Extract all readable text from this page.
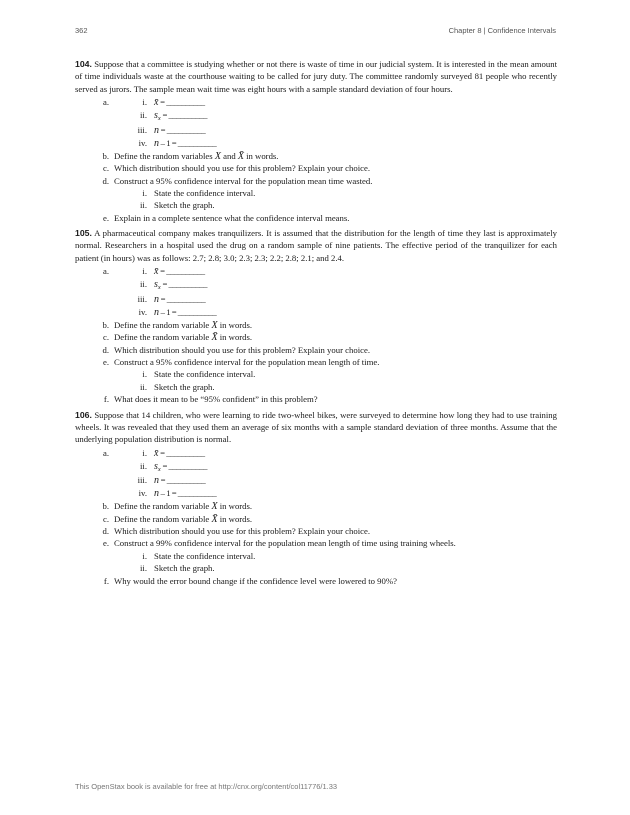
362	Chapter 8 | Confidence Intervals
104. Suppose that a committee is studying whether or not there is waste of time in our judicial system. It is interested in the mean amount of time individuals waste at the courthouse waiting to be called for jury duty. The committee randomly surveyed 81 people who recently served as jurors. The sample mean wait time was eight hours with a sample standard deviation of four hours.
a.	i. x̄ = __________
ii. $s_x$ = __________
iii. n = __________
iv. n – 1 = __________
b. Define the random variables X and X̄ in words.
c. Which distribution should you use for this problem? Explain your choice.
d. Construct a 95% confidence interval for the population mean time wasted.
i. State the confidence interval.
ii. Sketch the graph.
e. Explain in a complete sentence what the confidence interval means.
105. A pharmaceutical company makes tranquilizers. It is assumed that the distribution for the length of time they last is approximately normal. Researchers in a hospital used the drug on a random sample of nine patients. The effective period of the tranquilizer for each patient (in hours) was as follows: 2.7; 2.8; 3.0; 2.3; 2.3; 2.2; 2.8; 2.1; and 2.4.
a.	i. x̄ = __________
ii. $s_x$ = __________
iii. n = __________
iv. n – 1 = __________
b. Define the random variable X in words.
c. Define the random variable X̄ in words.
d. Which distribution should you use for this problem? Explain your choice.
e. Construct a 95% confidence interval for the population mean length of time.
i. State the confidence interval.
ii. Sketch the graph.
f. What does it mean to be “95% confident” in this problem?
106. Suppose that 14 children, who were learning to ride two-wheel bikes, were surveyed to determine how long they had to use training wheels. It was revealed that they used them an average of six months with a sample standard deviation of three months. Assume that the underlying population distribution is normal.
a.	i. x̄ = __________
ii. $s_x$ = __________
iii. n = __________
iv. n – 1 = __________
b. Define the random variable X in words.
c. Define the random variable X̄ in words.
d. Which distribution should you use for this problem? Explain your choice.
e. Construct a 99% confidence interval for the population mean length of time using training wheels.
i. State the confidence interval.
ii. Sketch the graph.
f. Why would the error bound change if the confidence level were lowered to 90%?
This OpenStax book is available for free at http://cnx.org/content/col11776/1.33
